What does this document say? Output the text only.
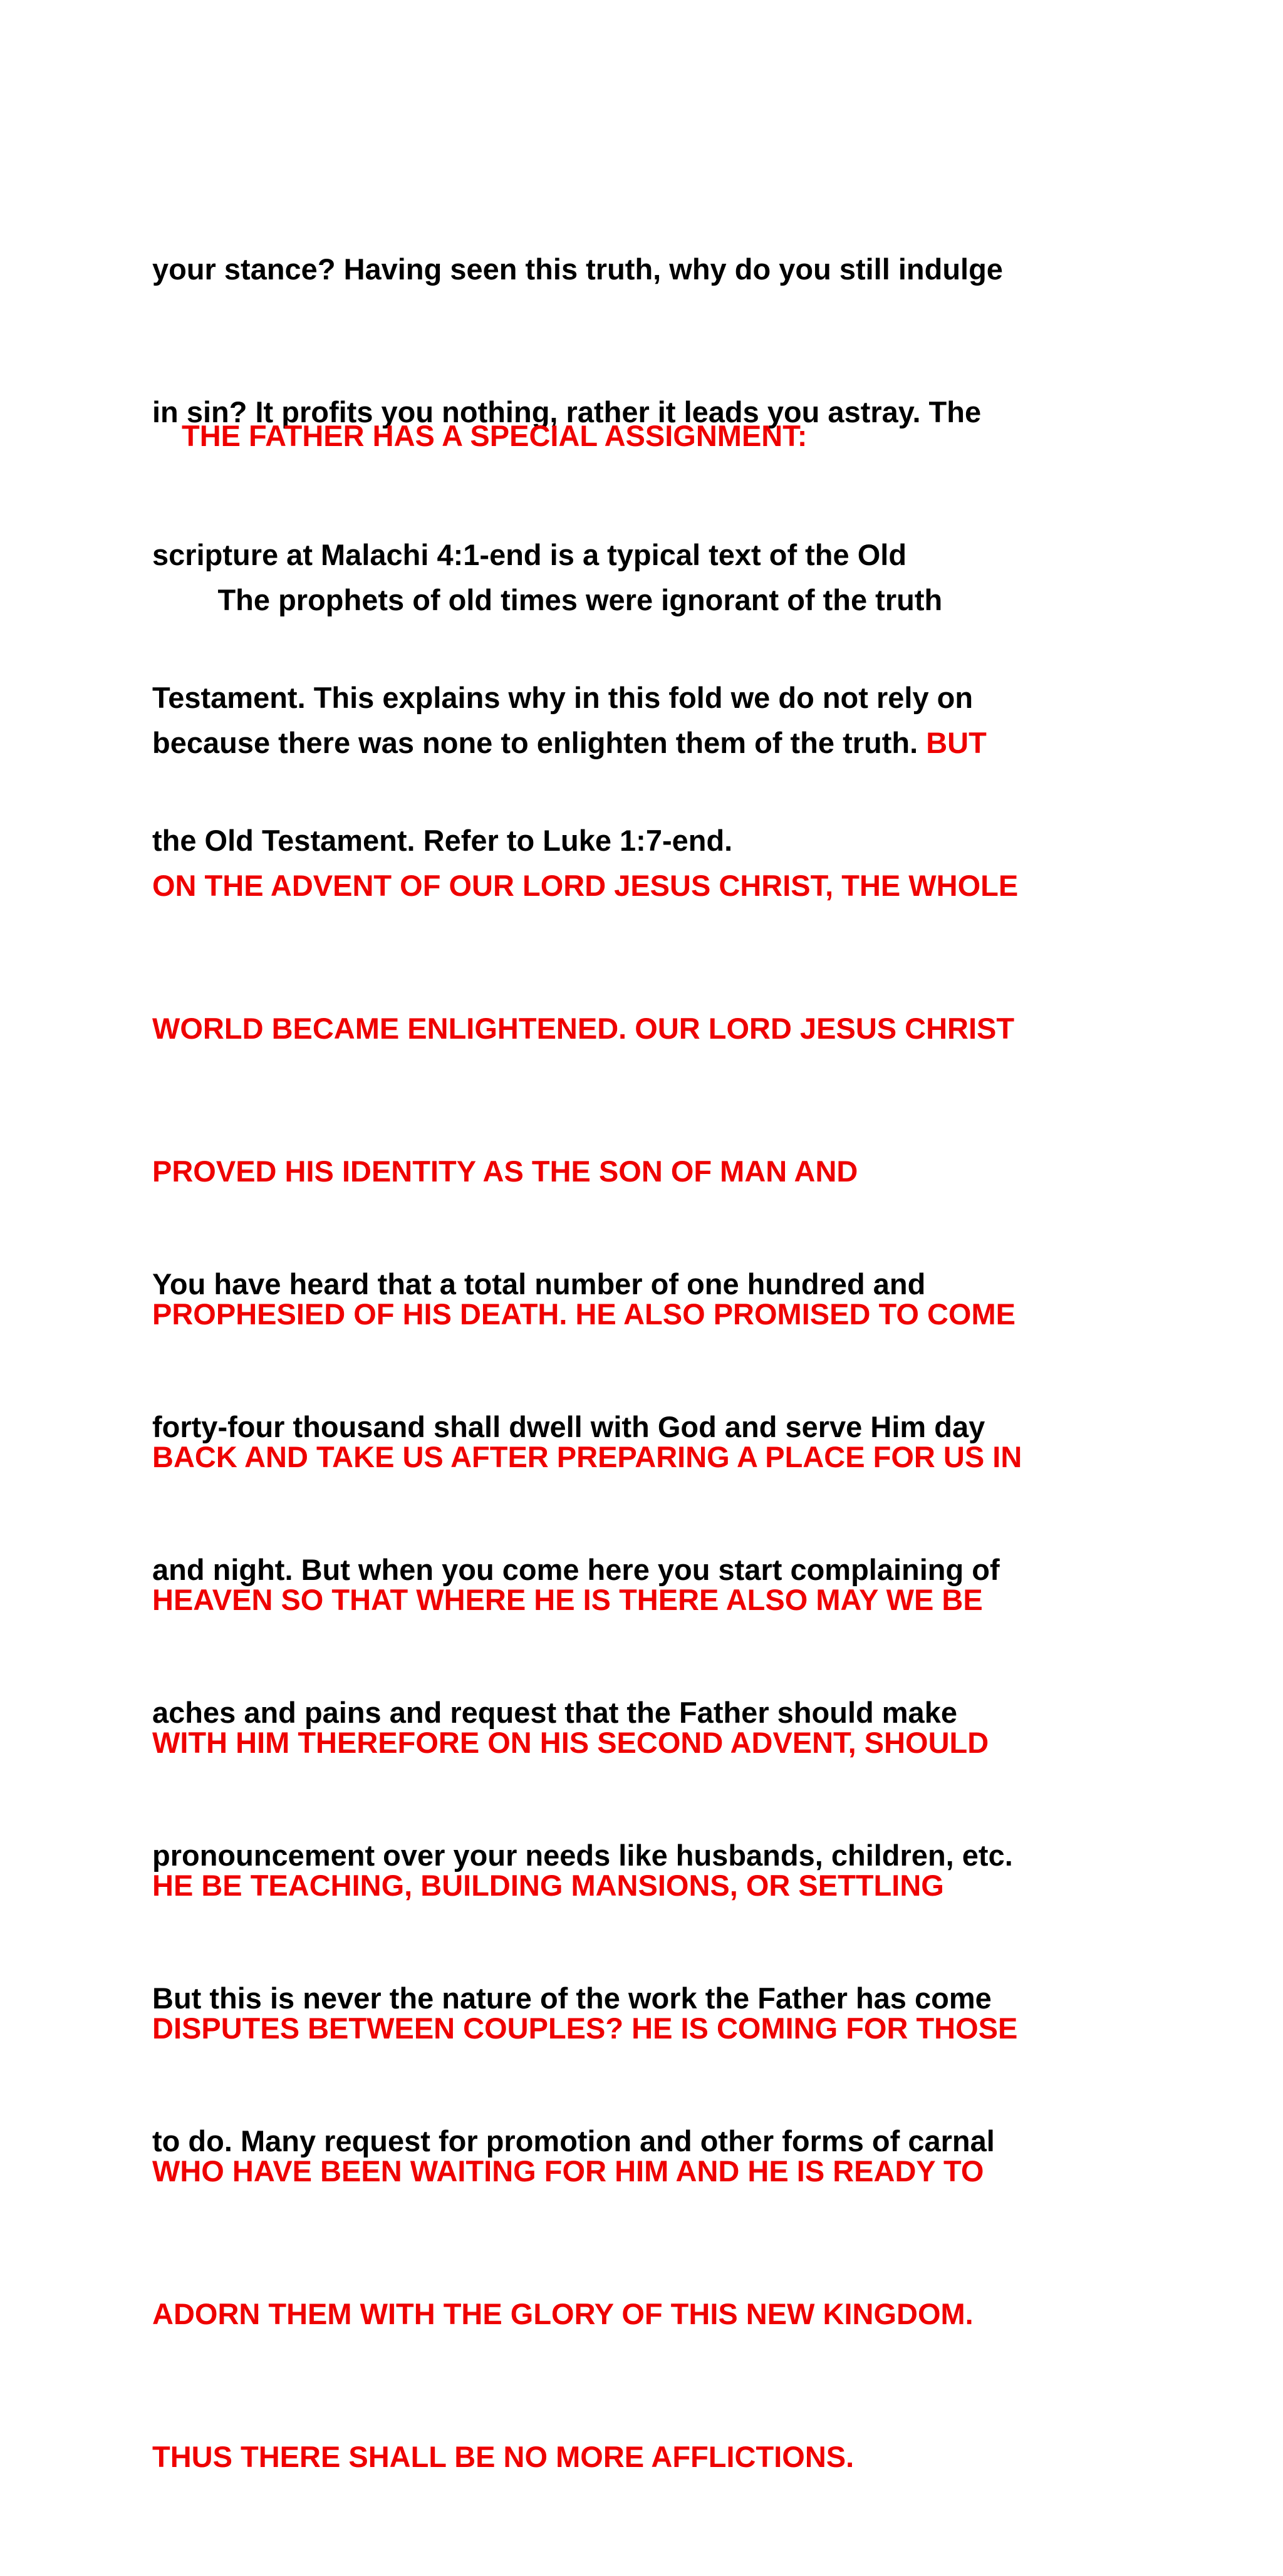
your stance? Having seen this truth, why do you still indulge

in sin? It profits you nothing, rather it leads you astray. The

scripture at Malachi 4:1-end is a typical text of the Old

Testament. This explains why in this fold we do not rely on

the Old Testament. Refer to Luke 1:7-end.

THE FATHER HAS A SPECIAL ASSIGNMENT:

The prophets of old times were ignorant of the truth

because there was none to enlighten them of the truth. BUT

ON THE ADVENT OF OUR LORD JESUS CHRIST, THE WHOLE

WORLD BECAME ENLIGHTENED. OUR LORD JESUS CHRIST

PROVED HIS IDENTITY AS THE SON OF MAN AND

PROPHESIED OF HIS DEATH. HE ALSO PROMISED TO COME

BACK AND TAKE US AFTER PREPARING A PLACE FOR US IN

HEAVEN SO THAT WHERE HE IS THERE ALSO MAY WE BE

WITH HIM THEREFORE ON HIS SECOND ADVENT, SHOULD

HE BE TEACHING, BUILDING MANSIONS, OR SETTLING

DISPUTES BETWEEN COUPLES? HE IS COMING FOR THOSE

WHO HAVE BEEN WAITING FOR HIM AND HE IS READY TO

ADORN THEM WITH THE GLORY OF THIS NEW KINGDOM.

THUS THERE SHALL BE NO MORE AFFLICTIONS.

You have heard that a total number of one hundred and

forty-four thousand shall dwell with God and serve Him day

and night. But when you come here you start complaining of

aches and pains and request that the Father should make

pronouncement over your needs like husbands, children, etc.

But this is never the nature of the work the Father has come

to do. Many request for promotion and other forms of carnal
